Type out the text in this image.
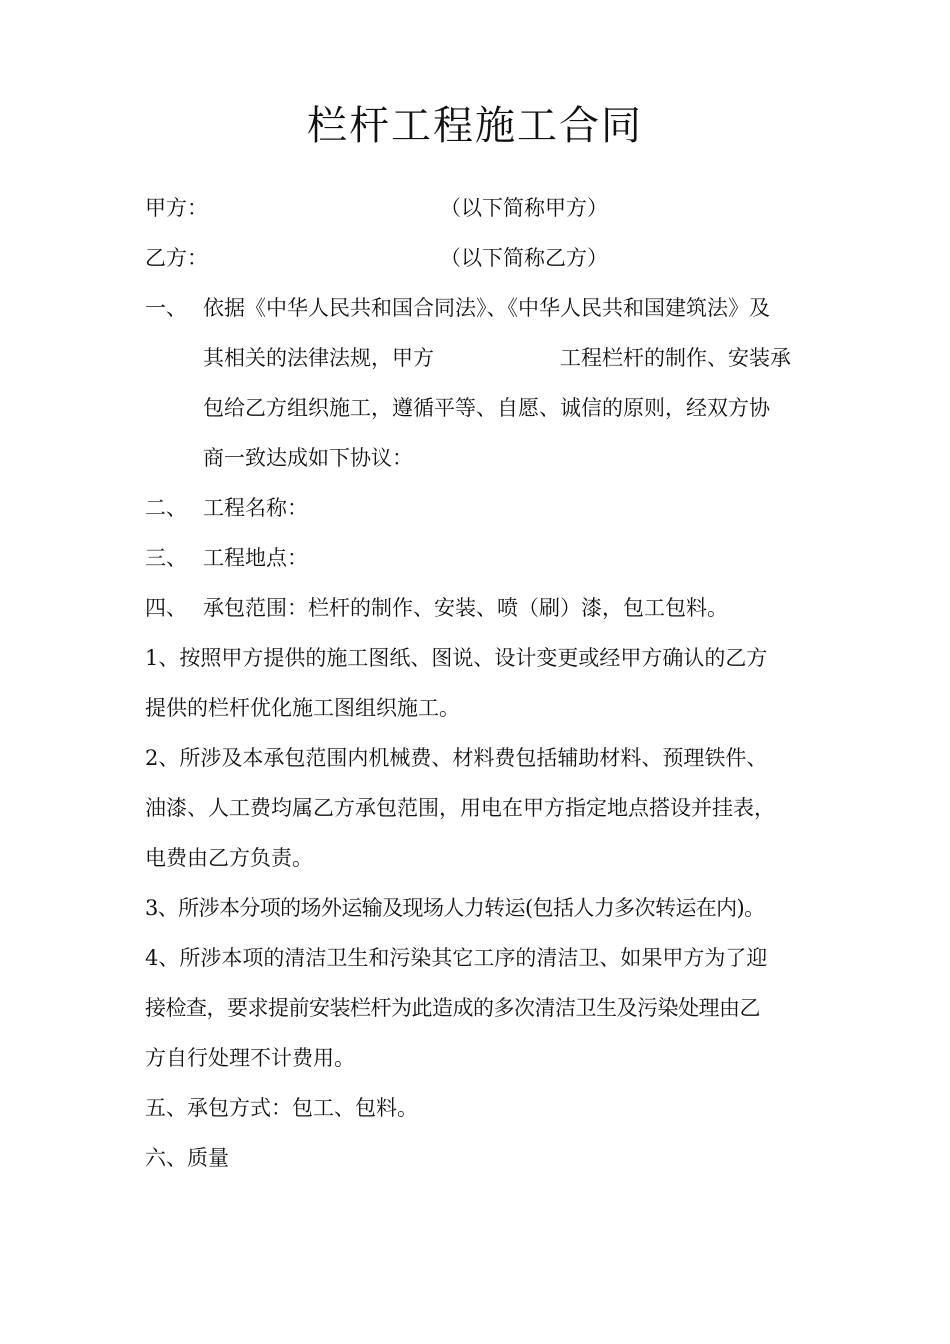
栏杆工程施工合同
甲方：	（以下简称甲方）
乙方：	（以下简称乙方）
一、 依据《中华人民共和国合同法》、《中华人民共和国建筑法》及
其相关的法律法规，甲方　　　　　　工程栏杆的制作、安装承
包给乙方组织施工，遵循平等、自愿、诚信的原则，经双方协
商一致达成如下协议：
二、 工程名称：
三、 工程地点：
四、 承包范围：栏杆的制作、安装、喷（刷）漆，包工包料。
1、按照甲方提供的施工图纸、图说、设计变更或经甲方确认的乙方
提供的栏杆优化施工图组织施工。
2、所涉及本承包范围内机械费、材料费包括辅助材料、预理铁件、
油漆、人工费均属乙方承包范围，用电在甲方指定地点搭设并挂表，
电费由乙方负责。
3、所涉本分项的场外运输及现场人力转运(包括人力多次转运在内)。
4、所涉本项的清洁卫生和污染其它工序的清洁卫、如果甲方为了迎
接检查，要求提前安装栏杆为此造成的多次清洁卫生及污染处理由乙
方自行处理不计费用。
五、承包方式：包工、包料。
六、质量
